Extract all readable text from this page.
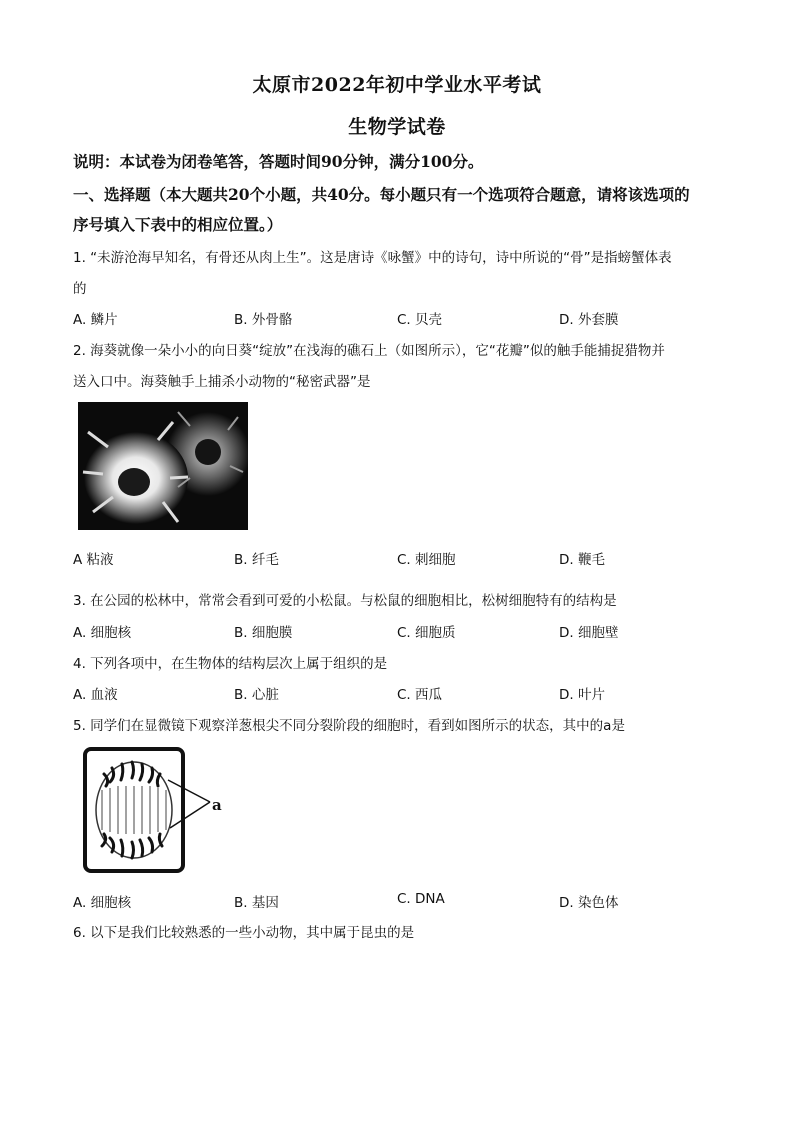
太原市2022年初中学业水平考试
生物学试卷
说明：本试卷为闭卷笔答，答题时间90分钟，满分100分。
一、选择题（本大题共20个小题，共40分。每小题只有一个选项符合题意，请将该选项的
序号填入下表中的相应位置。）
1. “未游沧海早知名，有骨还从肉上生”。这是唐诗《咏蟹》中的诗句，诗中所说的“骨”是指螃蟹体表
的
A. 鳞片	B. 外骨骼	C. 贝壳	D. 外套膜
2. 海葵就像一朵小小的向日葵“绽放”在浅海的礁石上（如图所示），它“花瓣”似的触手能捕捉猎物并
送入口中。海葵触手上捕杀小动物的“秘密武器”是
A 粘液	B. 纤毛	C. 刺细胞	D. 鞭毛
3. 在公园的松林中，常常会看到可爱的小松鼠。与松鼠的细胞相比，松树细胞特有的结构是
A. 细胞核	B. 细胞膜	C. 细胞质	D. 细胞壁
4. 下列各项中，在生物体的结构层次上属于组织的是
A. 血液	B. 心脏	C. 西瓜	D. 叶片
5. 同学们在显微镜下观察洋葱根尖不同分裂阶段的细胞时，看到如图所示的状态，其中的a是
a
A. 细胞核	B. 基因	C. DNA	D. 染色体
6. 以下是我们比较熟悉的一些小动物，其中属于昆虫的是
